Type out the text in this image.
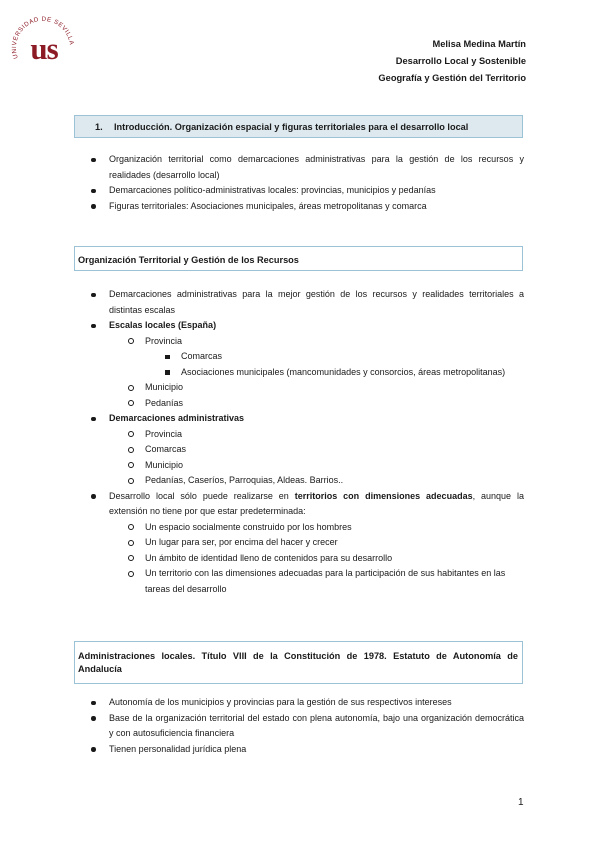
UNIVERSIDAD DE SEVILLA
us	Melisa Medina Martín
Desarrollo Local y Sostenible
Geografía y Gestión del Territorio
1. Introducción. Organización espacial y figuras territoriales para el desarrollo local
Organización territorial como demarcaciones administrativas para la gestión de los recursos y realidades (desarrollo local)
Demarcaciones político-administrativas locales: provincias, municipios y pedanías
Figuras territoriales: Asociaciones municipales, áreas metropolitanas y comarca
Organización Territorial y Gestión de los Recursos
Demarcaciones administrativas para la mejor gestión de los recursos y realidades territoriales a distintas escalas
Escalas locales (España)
Provincia
Comarcas
Asociaciones municipales (mancomunidades y consorcios, áreas metropolitanas)
Municipio
Pedanías
Demarcaciones administrativas
Provincia
Comarcas
Municipio
Pedanías, Caseríos, Parroquias, Aldeas. Barrios..
Desarrollo local sólo puede realizarse en territorios con dimensiones adecuadas, aunque la extensión no tiene por que estar predeterminada:
Un espacio socialmente construido por los hombres
Un lugar para ser, por encima del hacer y crecer
Un ámbito de identidad lleno de contenidos para su desarrollo
Un territorio con las dimensiones adecuadas para la participación de sus habitantes en las tareas del desarrollo
Administraciones locales. Título VIII de la Constitución de 1978. Estatuto de Autonomía de Andalucía
Autonomía de los municipios y provincias para la gestión de sus respectivos intereses
Base de la organización territorial del estado con plena autonomía, bajo una organización democrática y con autosuficiencia financiera
Tienen personalidad jurídica plena
1
